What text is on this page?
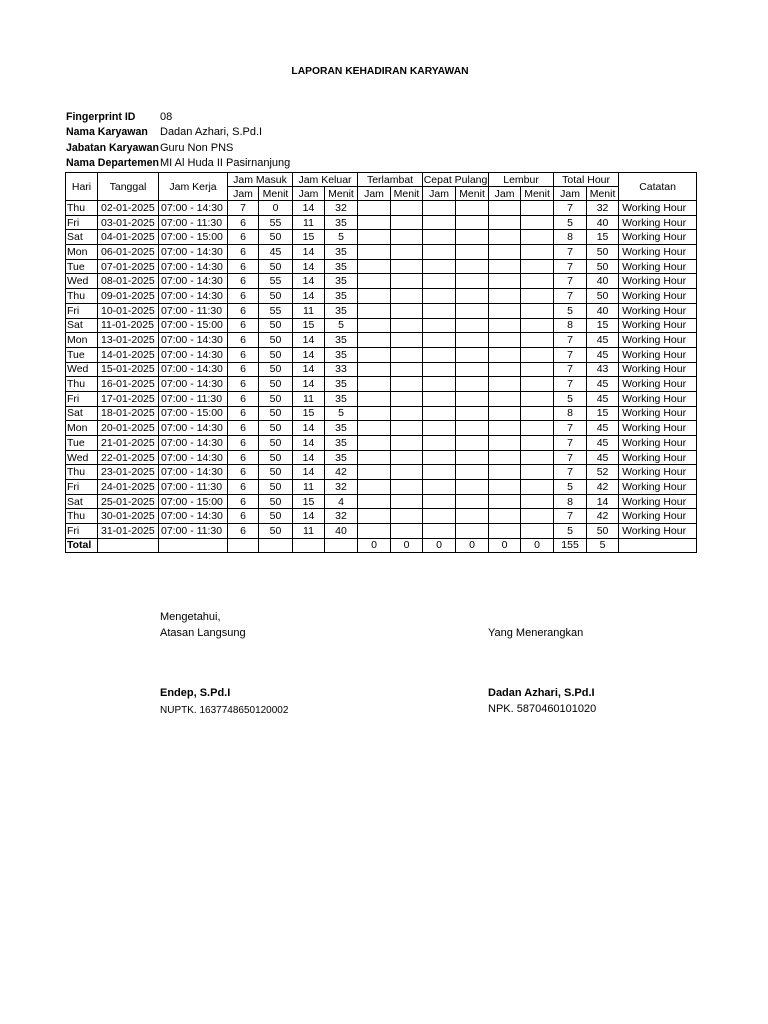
LAPORAN KEHADIRAN KARYAWAN
Fingerprint ID	08
Nama Karyawan	Dadan Azhari, S.Pd.I
Jabatan Karyawan Guru Non PNS
Nama Departemen MI Al Huda II Pasirnanjung
Hari	Tanggal	Jam Kerja	Jam Masuk		Jam Keluar		Terlambat		Cepat Pulang		Lembur		Total Hour		Catatan
			Jam	Menit	Jam	Menit	Jam	Menit	Jam	Menit	Jam	Menit	Jam	Menit	
Thu	02-01-2025	07:00 - 14:30	7	0	14	32							7	32	Working Hour
Fri	03-01-2025	07:00 - 11:30	6	55	11	35							5	40	Working Hour
Sat	04-01-2025	07:00 - 15:00	6	50	15	5							8	15	Working Hour
Mon	06-01-2025	07:00 - 14:30	6	45	14	35							7	50	Working Hour
Tue	07-01-2025	07:00 - 14:30	6	50	14	35							7	50	Working Hour
Wed	08-01-2025	07:00 - 14:30	6	55	14	35							7	40	Working Hour
Thu	09-01-2025	07:00 - 14:30	6	50	14	35							7	50	Working Hour
Fri	10-01-2025	07:00 - 11:30	6	55	11	35							5	40	Working Hour
Sat	11-01-2025	07:00 - 15:00	6	50	15	5							8	15	Working Hour
Mon	13-01-2025	07:00 - 14:30	6	50	14	35							7	45	Working Hour
Tue	14-01-2025	07:00 - 14:30	6	50	14	35							7	45	Working Hour
Wed	15-01-2025	07:00 - 14:30	6	50	14	33							7	43	Working Hour
Thu	16-01-2025	07:00 - 14:30	6	50	14	35							7	45	Working Hour
Fri	17-01-2025	07:00 - 11:30	6	50	11	35							5	45	Working Hour
Sat	18-01-2025	07:00 - 15:00	6	50	15	5							8	15	Working Hour
Mon	20-01-2025	07:00 - 14:30	6	50	14	35							7	45	Working Hour
Tue	21-01-2025	07:00 - 14:30	6	50	14	35							7	45	Working Hour
Wed	22-01-2025	07:00 - 14:30	6	50	14	35							7	45	Working Hour
Thu	23-01-2025	07:00 - 14:30	6	50	14	42							7	52	Working Hour
Fri	24-01-2025	07:00 - 11:30	6	50	11	32							5	42	Working Hour
Sat	25-01-2025	07:00 - 15:00	6	50	15	4							8	14	Working Hour
Thu	30-01-2025	07:00 - 14:30	6	50	14	32							7	42	Working Hour
Fri	31-01-2025	07:00 - 11:30	6	50	11	40							5	50	Working Hour
Total							0	0	0	0	0	0	155	5	
Mengetahui,
Atasan Langsung	Yang Menerangkan
Endep, S.Pd.I
NUPTK. 1637748650120002
Dadan Azhari, S.Pd.I
NPK. 5870460101020
